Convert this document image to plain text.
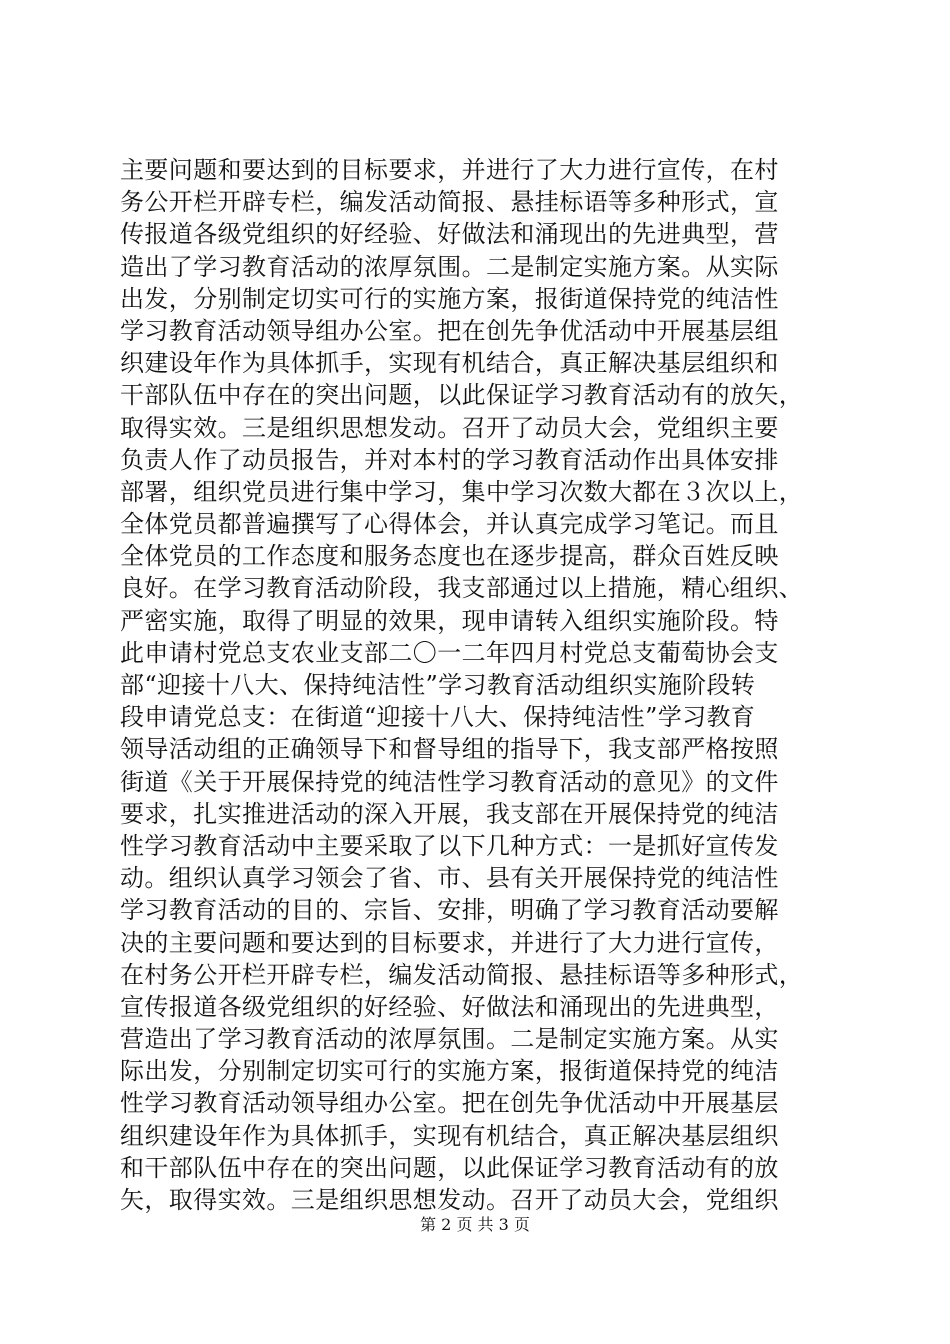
主要问题和要达到的目标要求，并进行了大力进行宣传，在村
务公开栏开辟专栏，编发活动简报、悬挂标语等多种形式，宣
传报道各级党组织的好经验、好做法和涌现出的先进典型，营
造出了学习教育活动的浓厚氛围。二是制定实施方案。从实际
出发，分别制定切实可行的实施方案，报街道保持党的纯洁性
学习教育活动领导组办公室。把在创先争优活动中开展基层组
织建设年作为具体抓手，实现有机结合，真正解决基层组织和
干部队伍中存在的突出问题，以此保证学习教育活动有的放矢，
取得实效。三是组织思想发动。召开了动员大会，党组织主要
负责人作了动员报告，并对本村的学习教育活动作出具体安排
部署，组织党员进行集中学习，集中学习次数大都在３次以上，
全体党员都普遍撰写了心得体会，并认真完成学习笔记。而且
全体党员的工作态度和服务态度也在逐步提高，群众百姓反映
良好。在学习教育活动阶段，我支部通过以上措施，精心组织、
严密实施，取得了明显的效果，现申请转入组织实施阶段。特
此申请村党总支农业支部二〇一二年四月村党总支葡萄协会支
部“迎接十八大、保持纯洁性”学习教育活动组织实施阶段转
段申请党总支：在街道“迎接十八大、保持纯洁性”学习教育
领导活动组的正确领导下和督导组的指导下，我支部严格按照
街道《关于开展保持党的纯洁性学习教育活动的意见》的文件
要求，扎实推进活动的深入开展，我支部在开展保持党的纯洁
性学习教育活动中主要采取了以下几种方式：一是抓好宣传发
动。组织认真学习领会了省、市、县有关开展保持党的纯洁性
学习教育活动的目的、宗旨、安排，明确了学习教育活动要解
决的主要问题和要达到的目标要求，并进行了大力进行宣传，
在村务公开栏开辟专栏，编发活动简报、悬挂标语等多种形式，
宣传报道各级党组织的好经验、好做法和涌现出的先进典型，
营造出了学习教育活动的浓厚氛围。二是制定实施方案。从实
际出发，分别制定切实可行的实施方案，报街道保持党的纯洁
性学习教育活动领导组办公室。把在创先争优活动中开展基层
组织建设年作为具体抓手，实现有机结合，真正解决基层组织
和干部队伍中存在的突出问题，以此保证学习教育活动有的放
矢，取得实效。三是组织思想发动。召开了动员大会，党组织
第 2 页 共 3 页
